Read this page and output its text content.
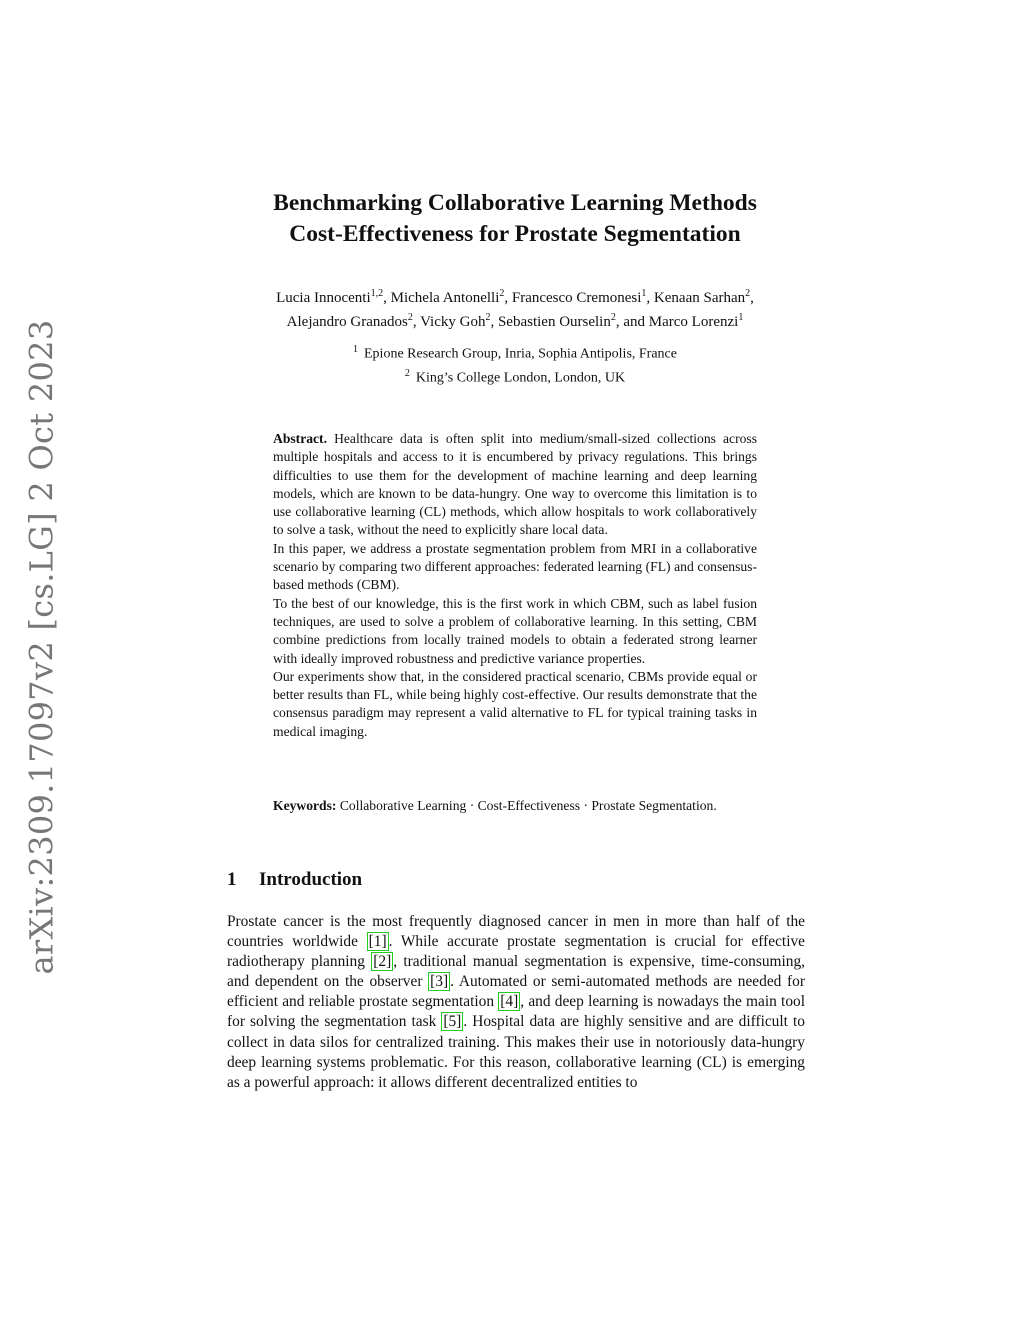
arXiv:2309.17097v2 [cs.LG] 2 Oct 2023
Benchmarking Collaborative Learning Methods
Cost-Effectiveness for Prostate Segmentation
Lucia Innocenti$^{1,2}$, Michela Antonelli$^2$, Francesco Cremonesi$^1$, Kenaan Sarhan$^2$,
Alejandro Granados$^2$, Vicky Goh$^2$, Sebastien Ourselin$^2$, and Marco Lorenzi$^1$
$^1$ Epione Research Group, Inria, Sophia Antipolis, France
$^2$ King’s College London, London, UK

Abstract. Healthcare data is often split into medium/small-sized collections across multiple hospitals and access to it is encumbered by privacy regulations. This brings difficulties to use them for the development of machine learning and deep learning models, which are known to be data-hungry. One way to overcome this limitation is to use collaborative learning (CL) methods, which allow hospitals to work collaboratively to solve a task, without the need to explicitly share local data.

In this paper, we address a prostate segmentation problem from MRI in a collaborative scenario by comparing two different approaches: federated learning (FL) and consensus-based methods (CBM).

To the best of our knowledge, this is the first work in which CBM, such as label fusion techniques, are used to solve a problem of collaborative learning. In this setting, CBM combine predictions from locally trained models to obtain a federated strong learner with ideally improved robustness and predictive variance properties.

Our experiments show that, in the considered practical scenario, CBMs provide equal or better results than FL, while being highly cost-effective. Our results demonstrate that the consensus paradigm may represent a valid alternative to FL for typical training tasks in medical imaging.

Keywords: Collaborative Learning · Cost-Effectiveness · Prostate Segmentation.
1 Introduction

Prostate cancer is the most frequently diagnosed cancer in men in more than half of the countries worldwide [1] . While accurate prostate segmentation is crucial for effective radiotherapy planning [2] , traditional manual segmentation is expensive, time-consuming, and dependent on the observer [3] . Automated or semi-automated methods are needed for efficient and reliable prostate segmentation [4] , and deep learning is nowadays the main tool for solving the segmentation task [5] . Hospital data are highly sensitive and are difficult to collect in data silos for centralized training. This makes their use in notoriously data-hungry deep learning systems problematic. For this reason, collaborative learning (CL) is emerging as a powerful approach: it allows different decentralized entities to
